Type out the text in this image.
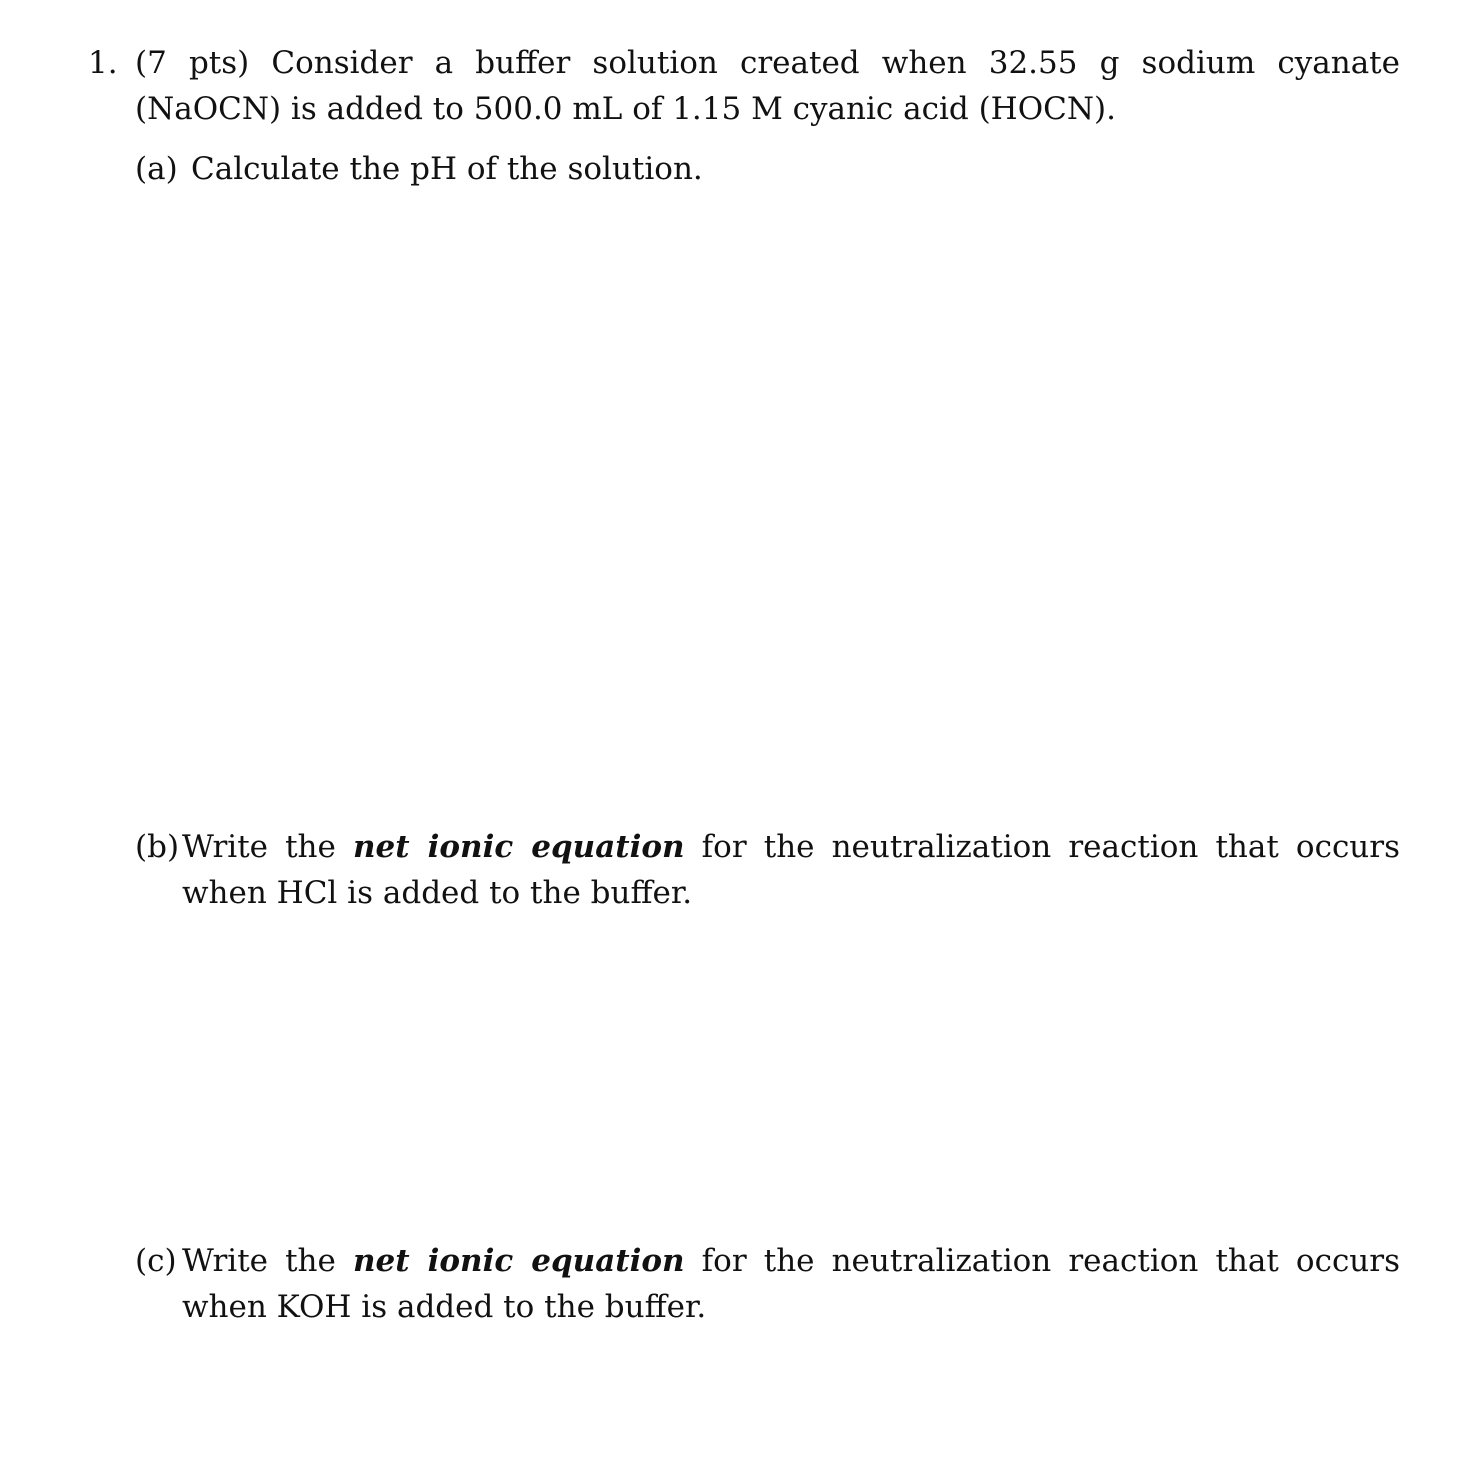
1. (7 pts) Consider a buffer solution created when 32.55 g sodium cyanate (NaOCN) is added to 500.0 mL of 1.15 M cyanic acid (HOCN).
(a) Calculate the pH of the solution.
(b) Write the net ionic equation for the neutralization reaction that occurs when HCl is added to the buffer.
(c) Write the net ionic equation for the neutralization reaction that occurs when KOH is added to the buffer.
